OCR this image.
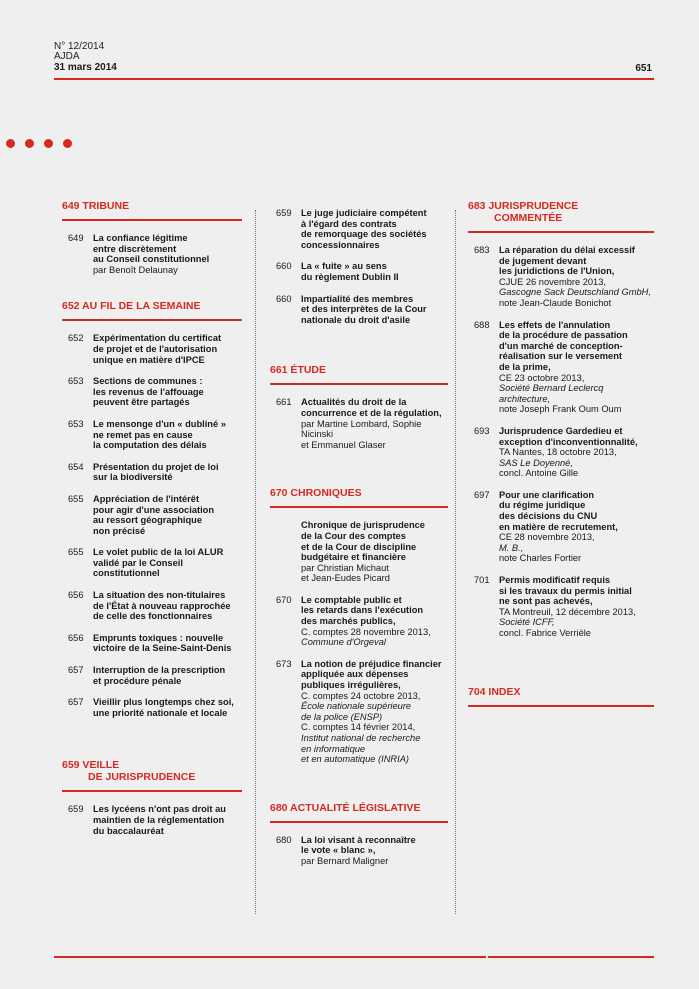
N° 12/2014
AJDA
31 mars 2014	651
649 TRIBUNE
649 La confiance légitime
entre discrètement
au Conseil constitutionnel
par Benoît Delaunay
652 AU FIL DE LA SEMAINE
652 Expérimentation du certificat
de projet et de l'autorisation
unique en matière d'IPCE
653 Sections de communes :
les revenus de l'affouage
peuvent être partagés
653 Le mensonge d'un « dubliné »
ne remet pas en cause
la computation des délais
654 Présentation du projet de loi
sur la biodiversité
655 Appréciation de l'intérêt
pour agir d'une association
au ressort géographique
non précisé
655 Le volet public de la loi ALUR
validé par le Conseil
constitutionnel
656 La situation des non-titulaires
de l'État à nouveau rapprochée
de celle des fonctionnaires
656 Emprunts toxiques : nouvelle
victoire de la Seine-Saint-Denis
657 Interruption de la prescription
et procédure pénale
657 Vieillir plus longtemps chez soi,
une priorité nationale et locale
659 VEILLE
DE JURISPRUDENCE
659 Les lycéens n'ont pas droit au
maintien de la réglementation
du baccalauréat
659 Le juge judiciaire compétent
à l'égard des contrats
de remorquage des sociétés
concessionnaires
660 La « fuite » au sens
du règlement Dublin II
660 Impartialité des membres
et des interprètes de la Cour
nationale du droit d'asile
661 ÉTUDE
661 Actualités du droit de la
concurrence et de la régulation,
par Martine Lombard, Sophie Nicinski
et Emmanuel Glaser
670 CHRONIQUES
Chronique de jurisprudence
de la Cour des comptes
et de la Cour de discipline
budgétaire et financière
par Christian Michaut
et Jean-Eudes Picard
670 Le comptable public et
les retards dans l'exécution
des marchés publics,
C. comptes 28 novembre 2013,
Commune d'Orgeval
673 La notion de préjudice financier
appliquée aux dépenses
publiques irrégulières,
C. comptes 24 octobre 2013,
École nationale supérieure
de la police (ENSP)
C. comptes 14 février 2014,
Institut national de recherche
en informatique
et en automatique (INRIA)
680 ACTUALITÉ LÉGISLATIVE
680 La loi visant à reconnaître
le vote « blanc »,
par Bernard Maligner
683 JURISPRUDENCE
COMMENTÉE
683 La réparation du délai excessif
de jugement devant
les juridictions de l'Union,
CJUE 26 novembre 2013,
Gascogne Sack Deutschland GmbH,
note Jean-Claude Bonichot
688 Les effets de l'annulation
de la procédure de passation
d'un marché de conception-
réalisation sur le versement
de la prime,
CE 23 octobre 2013,
Société Bernard Leclercq
architecture,
note Joseph Frank Oum Oum
693 Jurisprudence Gardedieu et
exception d'inconventionnalité,
TA Nantes, 18 octobre 2013,
SAS Le Doyenné,
concl. Antoine Gille
697 Pour une clarification
du régime juridique
des décisions du CNU
en matière de recrutement,
CE 28 novembre 2013,
M. B.,
note Charles Fortier
701 Permis modificatif requis
si les travaux du permis initial
ne sont pas achevés,
TA Montreuil, 12 décembre 2013,
Société ICFF,
concl. Fabrice Verrièle
704 INDEX
